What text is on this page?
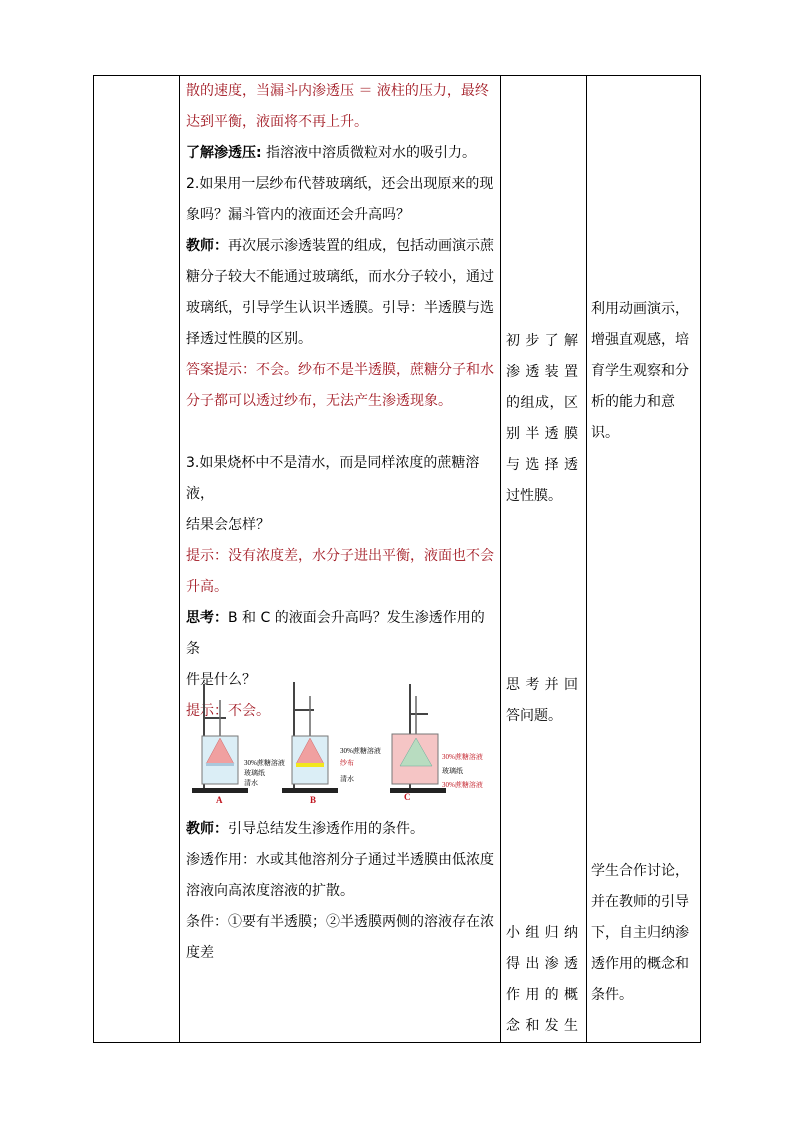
散的速度，当漏斗内渗透压 ＝ 液柱的压力，最终

达到平衡，液面将不再上升。

了解渗透压: 指溶液中溶质微粒对水的吸引力。

2.如果用一层纱布代替玻璃纸，还会出现原来的现

象吗？漏斗管内的液面还会升高吗？

教师：再次展示渗透装置的组成，包括动画演示蔗

糖分子较大不能通过玻璃纸，而水分子较小，通过

玻璃纸，引导学生认识半透膜。引导：半透膜与选

择透过性膜的区别。

答案提示：不会。纱布不是半透膜，蔗糖分子和水

分子都可以透过纱布，无法产生渗透现象。

3.如果烧杯中不是清水，而是同样浓度的蔗糖溶液，

结果会怎样？

提示：没有浓度差，水分子进出平衡，液面也不会

升高。

思考：B 和 C 的液面会升高吗？发生渗透作用的条

件是什么？

提示：不会。

教师：引导总结发生渗透作用的条件。

渗透作用：水或其他溶剂分子通过半透膜由低浓度

溶液向高浓度溶液的扩散。

条件：①要有半透膜；②半透膜两侧的溶液存在浓

度差

30%蔗糖溶液
玻璃纸
清水
30%蔗糖溶液
纱布
清水
30%蔗糖溶液
玻璃纸
30%蔗糖溶液
A	B	C

初步了解

渗透装置

的组成，区

别半透膜

与选择透

过性膜。

思考并回

答问题。

小组归纳

得出渗透

作用的概

念和发生

利用动画演示，

增强直观感，培

育学生观察和分

析的能力和意识。

学生合作讨论，

并在教师的引导

下，自主归纳渗

透作用的概念和

条件。
